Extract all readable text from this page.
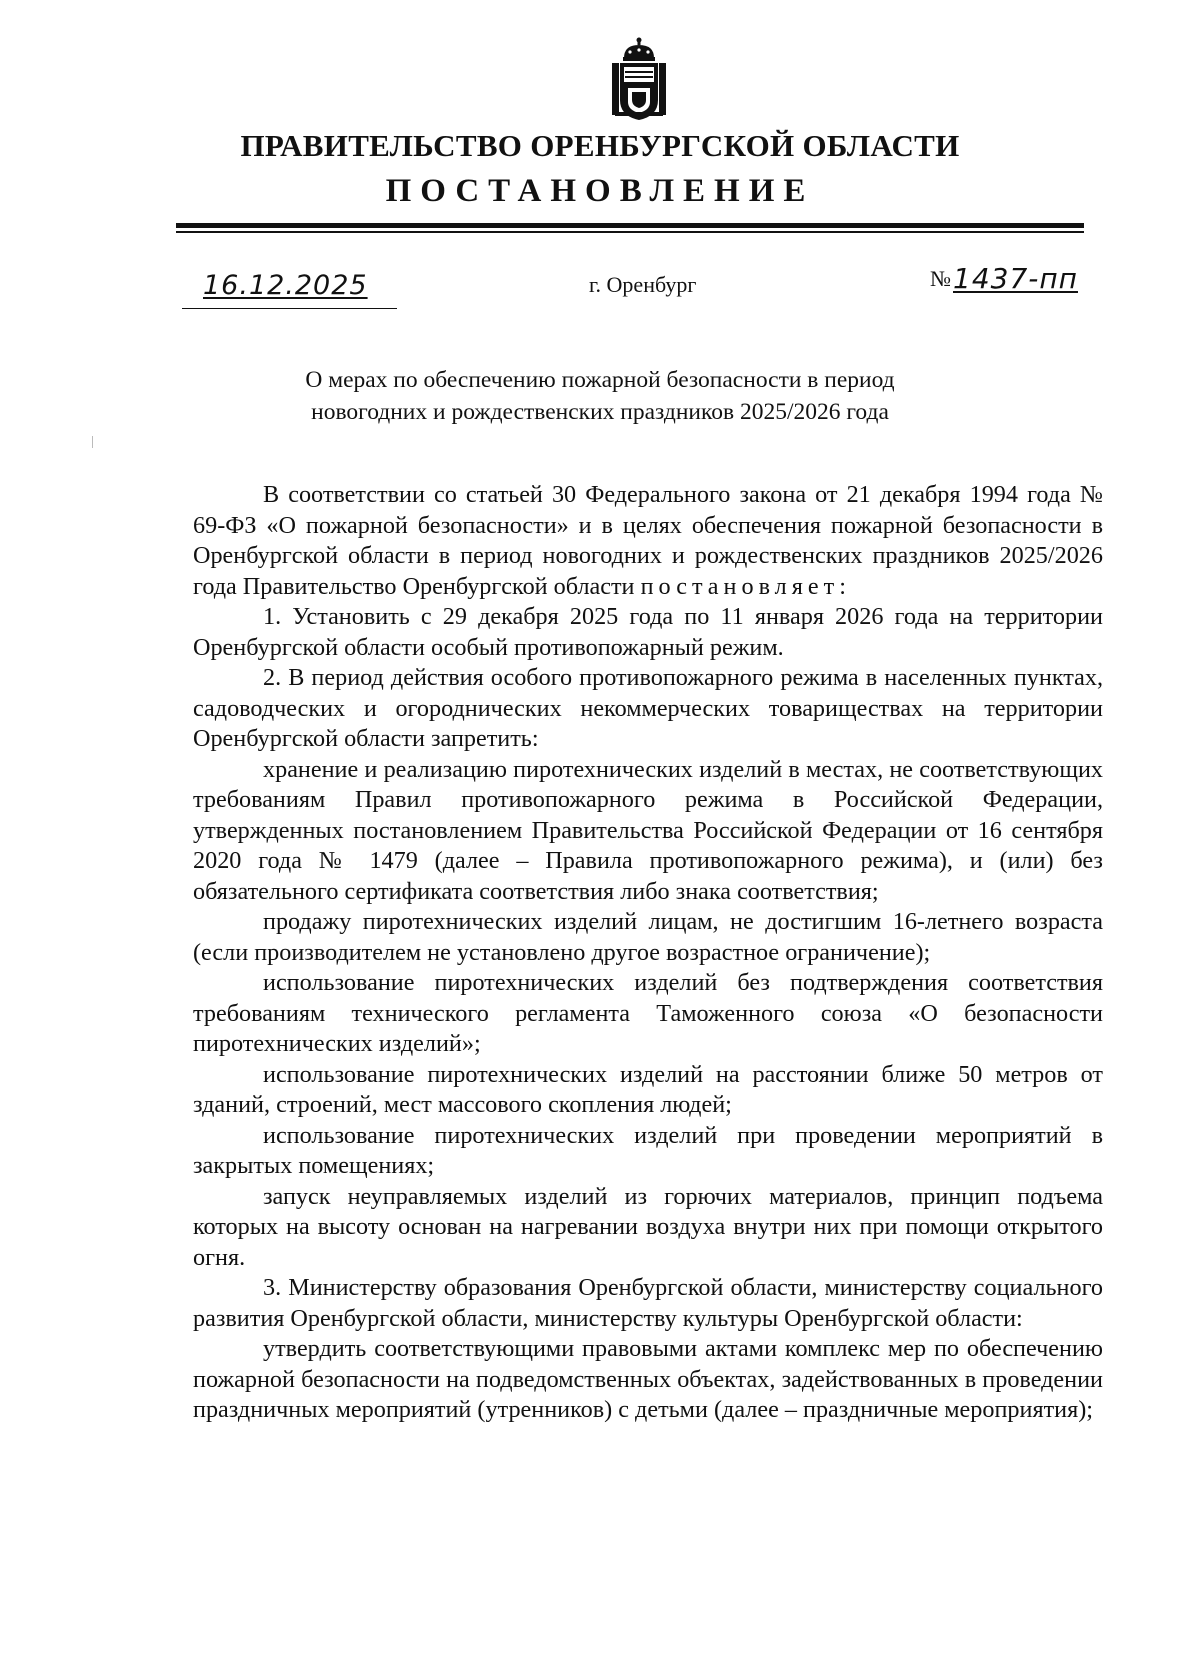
ПРАВИТЕЛЬСТВО ОРЕНБУРГСКОЙ ОБЛАСТИ
ПОСТАНОВЛЕНИЕ
16.12.2025	г. Оренбург	№1437-пп
О мерах по обеспечению пожарной безопасности в период
новогодних и рождественских праздников 2025/2026 года

В соответствии со статьей 30 Федерального закона от 21 декабря 1994 года № 69-ФЗ «О пожарной безопасности» и в целях обеспечения пожарной безопасности в Оренбургской области в период новогодних и рождественских праздников 2025/2026 года Правительство Оренбургской области постановляет:

1. Установить с 29 декабря 2025 года по 11 января 2026 года на территории Оренбургской области особый противопожарный режим.

2. В период действия особого противопожарного режима в населенных пунктах, садоводческих и огороднических некоммерческих товариществах на территории Оренбургской области запретить:

хранение и реализацию пиротехнических изделий в местах, не соответствующих требованиям Правил противопожарного режима в Российской Федерации, утвержденных постановлением Правительства Российской Федерации от 16 сентября 2020 года № 1479 (далее – Правила противопожарного режима), и (или) без обязательного сертификата соответствия либо знака соответствия;

продажу пиротехнических изделий лицам, не достигшим 16-летнего возраста (если производителем не установлено другое возрастное ограничение);

использование пиротехнических изделий без подтверждения соответствия требованиям технического регламента Таможенного союза «О безопасности пиротехнических изделий»;

использование пиротехнических изделий на расстоянии ближе 50 метров от зданий, строений, мест массового скопления людей;

использование пиротехнических изделий при проведении мероприятий в закрытых помещениях;

запуск неуправляемых изделий из горючих материалов, принцип подъема которых на высоту основан на нагревании воздуха внутри них при помощи открытого огня.

3. Министерству образования Оренбургской области, министерству социального развития Оренбургской области, министерству культуры Оренбургской области:

утвердить соответствующими правовыми актами комплекс мер по обеспечению пожарной безопасности на подведомственных объектах, задействованных в проведении праздничных мероприятий (утренников) с детьми (далее – праздничные мероприятия);
